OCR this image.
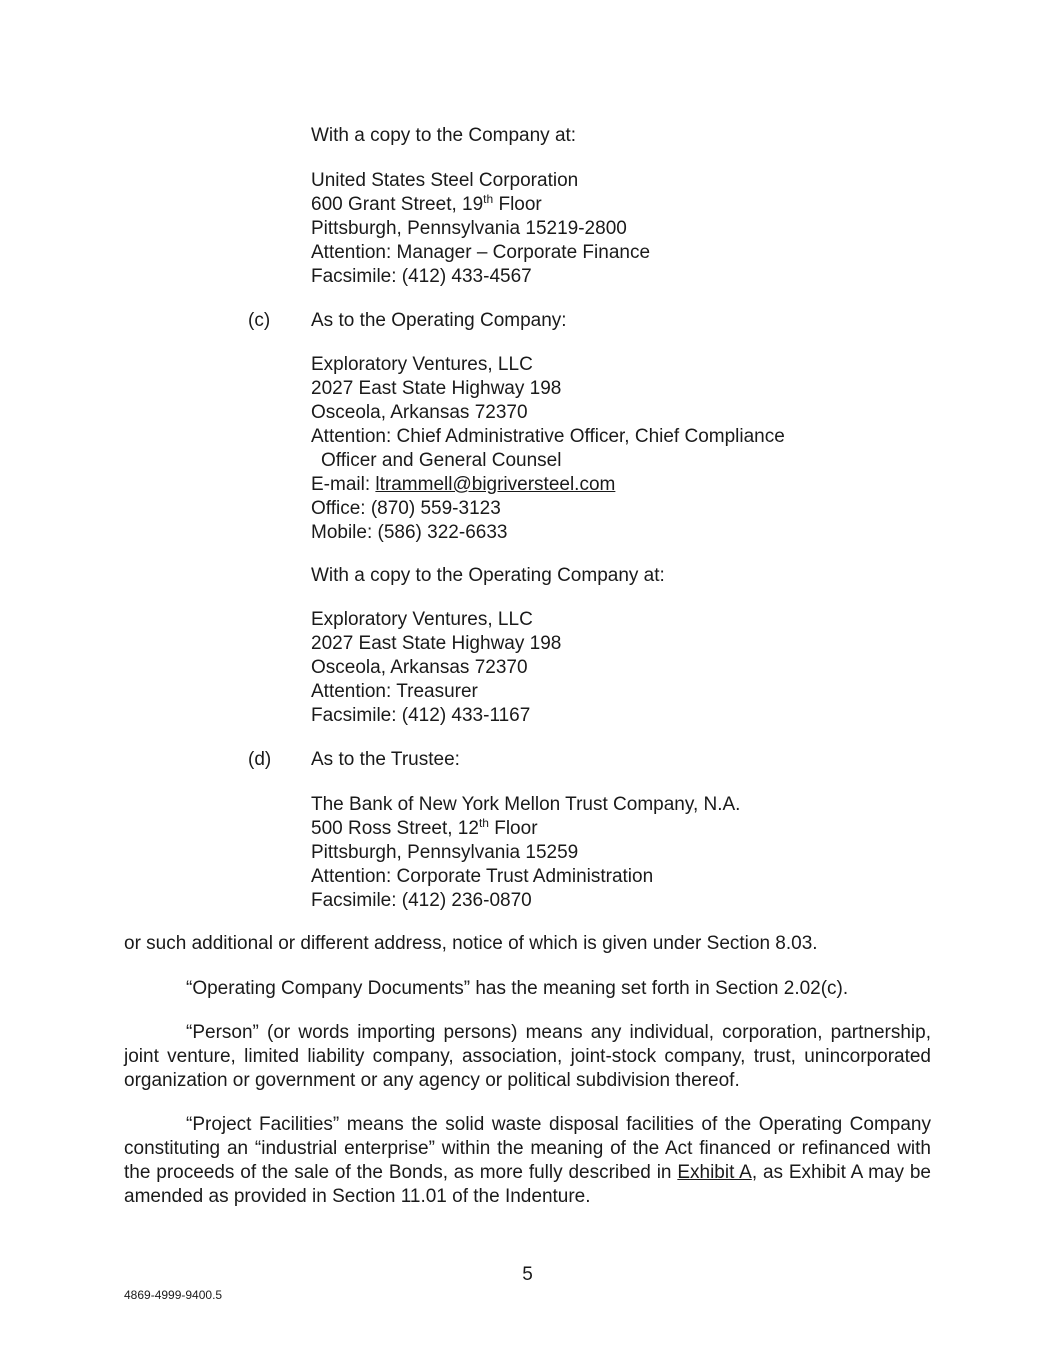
With a copy to the Company at:
United States Steel Corporation
600 Grant Street, 19th Floor
Pittsburgh, Pennsylvania 15219-2800
Attention: Manager – Corporate Finance
Facsimile: (412) 433-4567
(c) As to the Operating Company:
Exploratory Ventures, LLC
2027 East State Highway 198
Osceola, Arkansas 72370
Attention: Chief Administrative Officer, Chief Compliance
Officer and General Counsel
E-mail: ltrammell@bigriversteel.com
Office: (870) 559-3123
Mobile: (586) 322-6633
With a copy to the Operating Company at:
Exploratory Ventures, LLC
2027 East State Highway 198
Osceola, Arkansas 72370
Attention: Treasurer
Facsimile: (412) 433-1167
(d) As to the Trustee:
The Bank of New York Mellon Trust Company, N.A.
500 Ross Street, 12th Floor
Pittsburgh, Pennsylvania 15259
Attention: Corporate Trust Administration
Facsimile: (412) 236-0870
or such additional or different address, notice of which is given under Section 8.03.
“Operating Company Documents” has the meaning set forth in Section 2.02(c).
“Person” (or words importing persons) means any individual, corporation, partnership, joint venture, limited liability company, association, joint-stock company, trust, unincorporated organization or government or any agency or political subdivision thereof.
“Project Facilities” means the solid waste disposal facilities of the Operating Company constituting an “industrial enterprise” within the meaning of the Act financed or refinanced with the proceeds of the sale of the Bonds, as more fully described in Exhibit A, as Exhibit A may be amended as provided in Section 11.01 of the Indenture.
5
4869-4999-9400.5
